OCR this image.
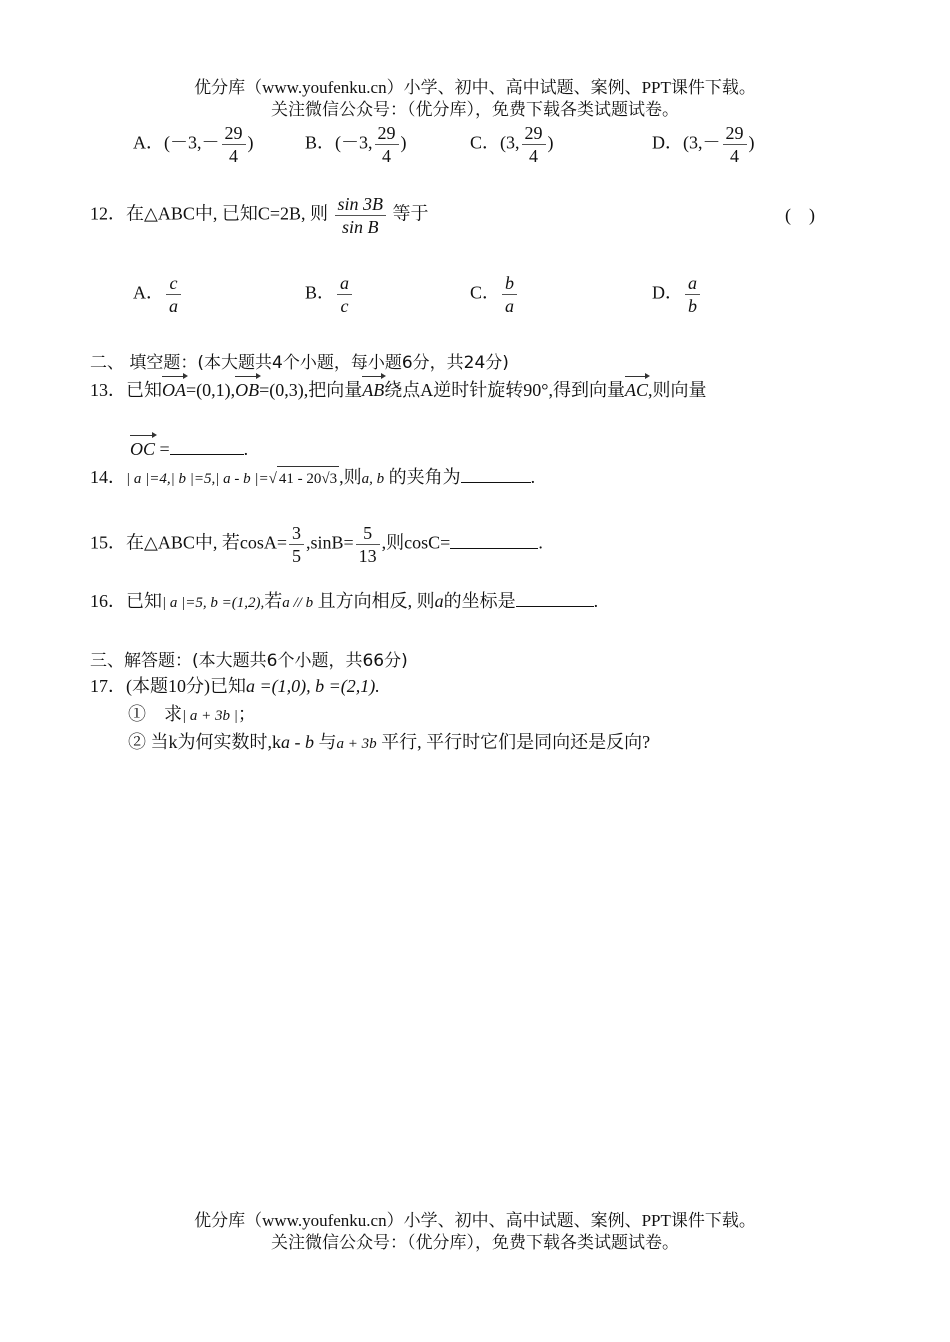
优分库（www.youfenku.cn）小学、初中、高中试题、案例、PPT课件下载。
关注微信公众号：（优分库），免费下载各类试题试卷。
A．($-3,- \frac{29}{4}$ )	B．(－3, $\frac{29}{4}$ )	C．(3, $\frac{29}{4}$ )	D．($3,- \frac{29}{4}$ )
12．在△ABC中, 已知C=2B, 则 $\frac{\sin 3B}{\text{sin B}}$ 等于	(　)
A． $\frac{c}{a}$	B． $\frac{a}{c}$	C． $\frac{b}{a}$	D． $\frac{a}{b}$
二、 填空题：(本大题共4个小题，每小题6分，共24分)
13．已知OA=(0,1),OB=(0,3),把向量AB绕点A逆时针旋转90°,得到向量AC,则向量
OC =	.
14．| a |=4,| b |=5,| a - b |=√ 41 - 20√3 ,则a, b 的夹角为	.
15．在△ABC中, 若$\cos A= \frac{3}{5} ,\sin B= \frac{5}{13}$ ,则cosC=	.
16．已知| a |=5, b =(1,2),若a // b 且方向相反, 则a的坐标是	.
三、解答题：(本大题共6个小题，共66分)
17．(本题10分)已知a =(1,0), b =(2,1).
①　 求| a + 3b |；
② 当k为何实数时,ka - b 与a + 3b 平行, 平行时它们是同向还是反向?
优分库（www.youfenku.cn）小学、初中、高中试题、案例、PPT课件下载。
关注微信公众号：（优分库），免费下载各类试题试卷。
